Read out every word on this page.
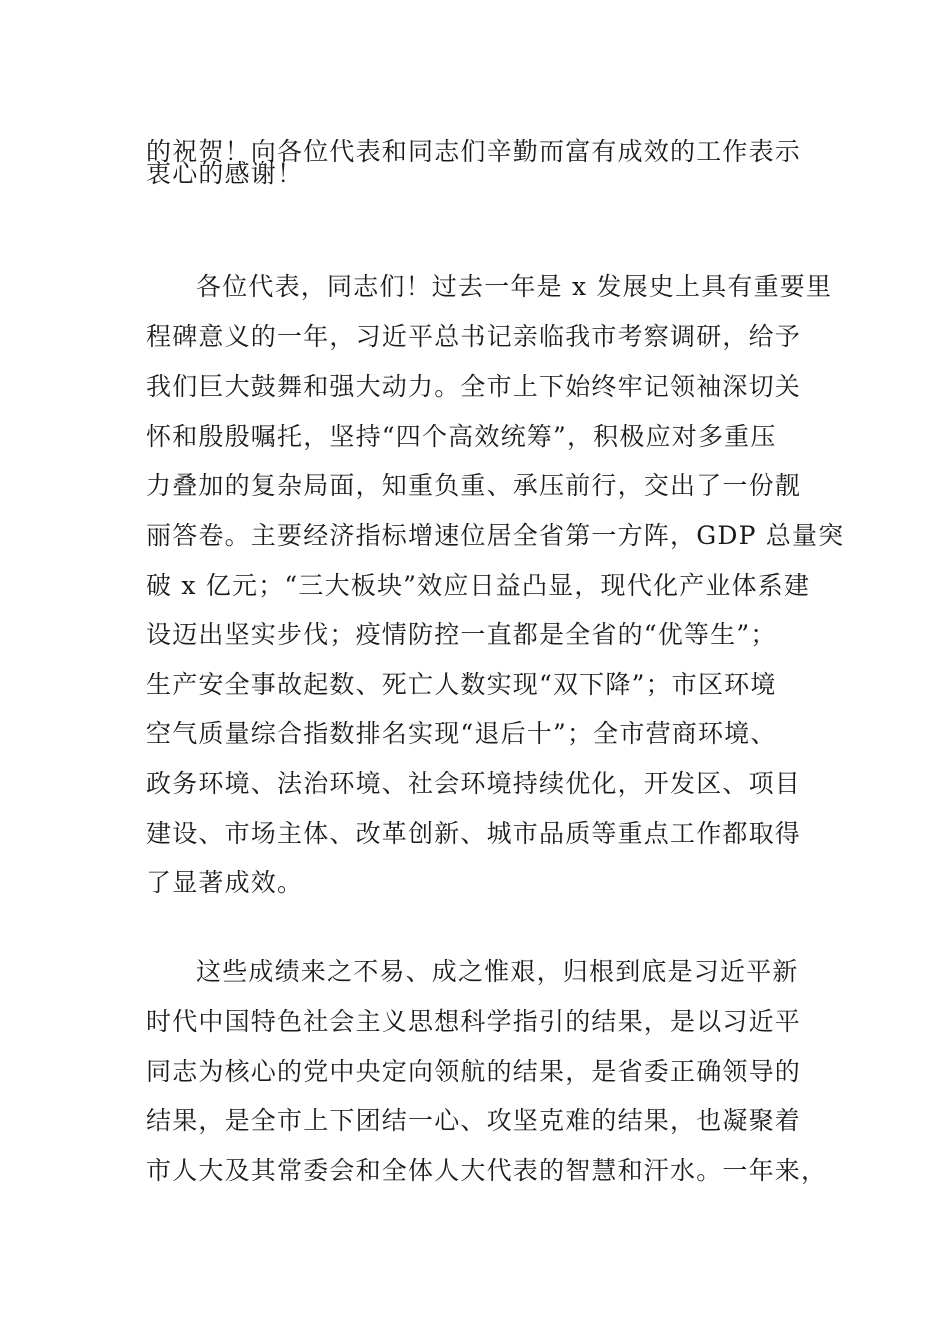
的祝贺！向各位代表和同志们辛勤而富有成效的工作表示

衷心的感谢！

各位代表，同志们！过去一年是 x 发展史上具有重要里

程碑意义的一年，习近平总书记亲临我市考察调研，给予

我们巨大鼓舞和强大动力。全市上下始终牢记领袖深切关

怀和殷殷嘱托，坚持“四个高效统筹”，积极应对多重压

力叠加的复杂局面，知重负重、承压前行，交出了一份靓

丽答卷。主要经济指标增速位居全省第一方阵，GDP 总量突

破 x 亿元；“三大板块”效应日益凸显，现代化产业体系建

设迈出坚实步伐；疫情防控一直都是全省的“优等生”；

生产安全事故起数、死亡人数实现“双下降”；市区环境

空气质量综合指数排名实现“退后十”；全市营商环境、

政务环境、法治环境、社会环境持续优化，开发区、项目

建设、市场主体、改革创新、城市品质等重点工作都取得

了显著成效。

这些成绩来之不易、成之惟艰，归根到底是习近平新

时代中国特色社会主义思想科学指引的结果，是以习近平

同志为核心的党中央定向领航的结果，是省委正确领导的

结果，是全市上下团结一心、攻坚克难的结果，也凝聚着

市人大及其常委会和全体人大代表的智慧和汗水。一年来，
